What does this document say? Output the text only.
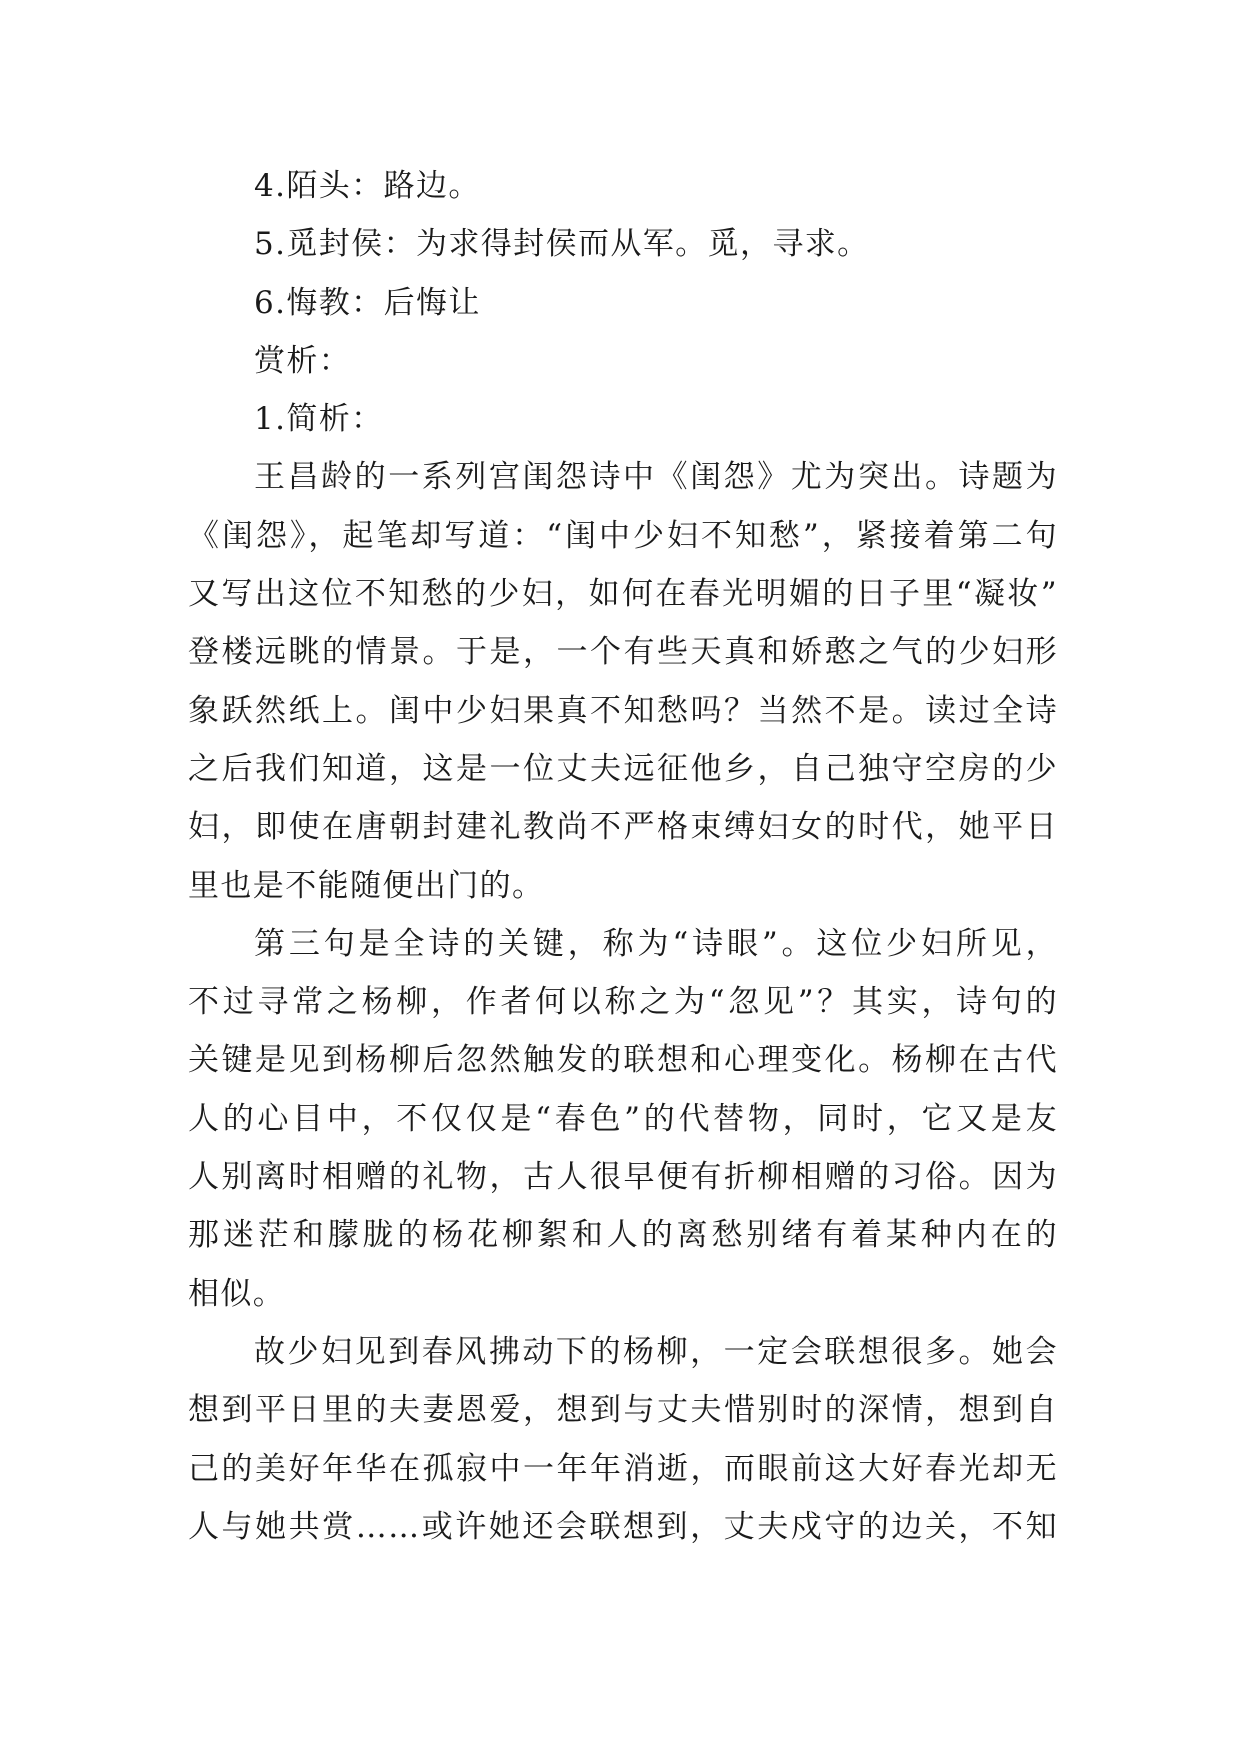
4.陌头：路边。
5.觅封侯：为求得封侯而从军。觅，寻求。
6.悔教：后悔让
赏析：
1.简析：
王昌龄的一系列宫闺怨诗中《闺怨》尤为突出。诗题为
《闺怨》，起笔却写道：“闺中少妇不知愁”，紧接着第二句
又写出这位不知愁的少妇，如何在春光明媚的日子里“凝妆”
登楼远眺的情景。于是，一个有些天真和娇憨之气的少妇形
象跃然纸上。闺中少妇果真不知愁吗？当然不是。读过全诗
之后我们知道，这是一位丈夫远征他乡，自己独守空房的少
妇，即使在唐朝封建礼教尚不严格束缚妇女的时代，她平日
里也是不能随便出门的。
第三句是全诗的关键，称为“诗眼”。这位少妇所见，
不过寻常之杨柳，作者何以称之为“忽见”？其实，诗句的
关键是见到杨柳后忽然触发的联想和心理变化。杨柳在古代
人的心目中，不仅仅是“春色”的代替物，同时，它又是友
人别离时相赠的礼物，古人很早便有折柳相赠的习俗。因为
那迷茫和朦胧的杨花柳絮和人的离愁别绪有着某种内在的
相似。
故少妇见到春风拂动下的杨柳，一定会联想很多。她会
想到平日里的夫妻恩爱，想到与丈夫惜别时的深情，想到自
己的美好年华在孤寂中一年年消逝，而眼前这大好春光却无
人与她共赏……或许她还会联想到，丈夫戍守的边关，不知
